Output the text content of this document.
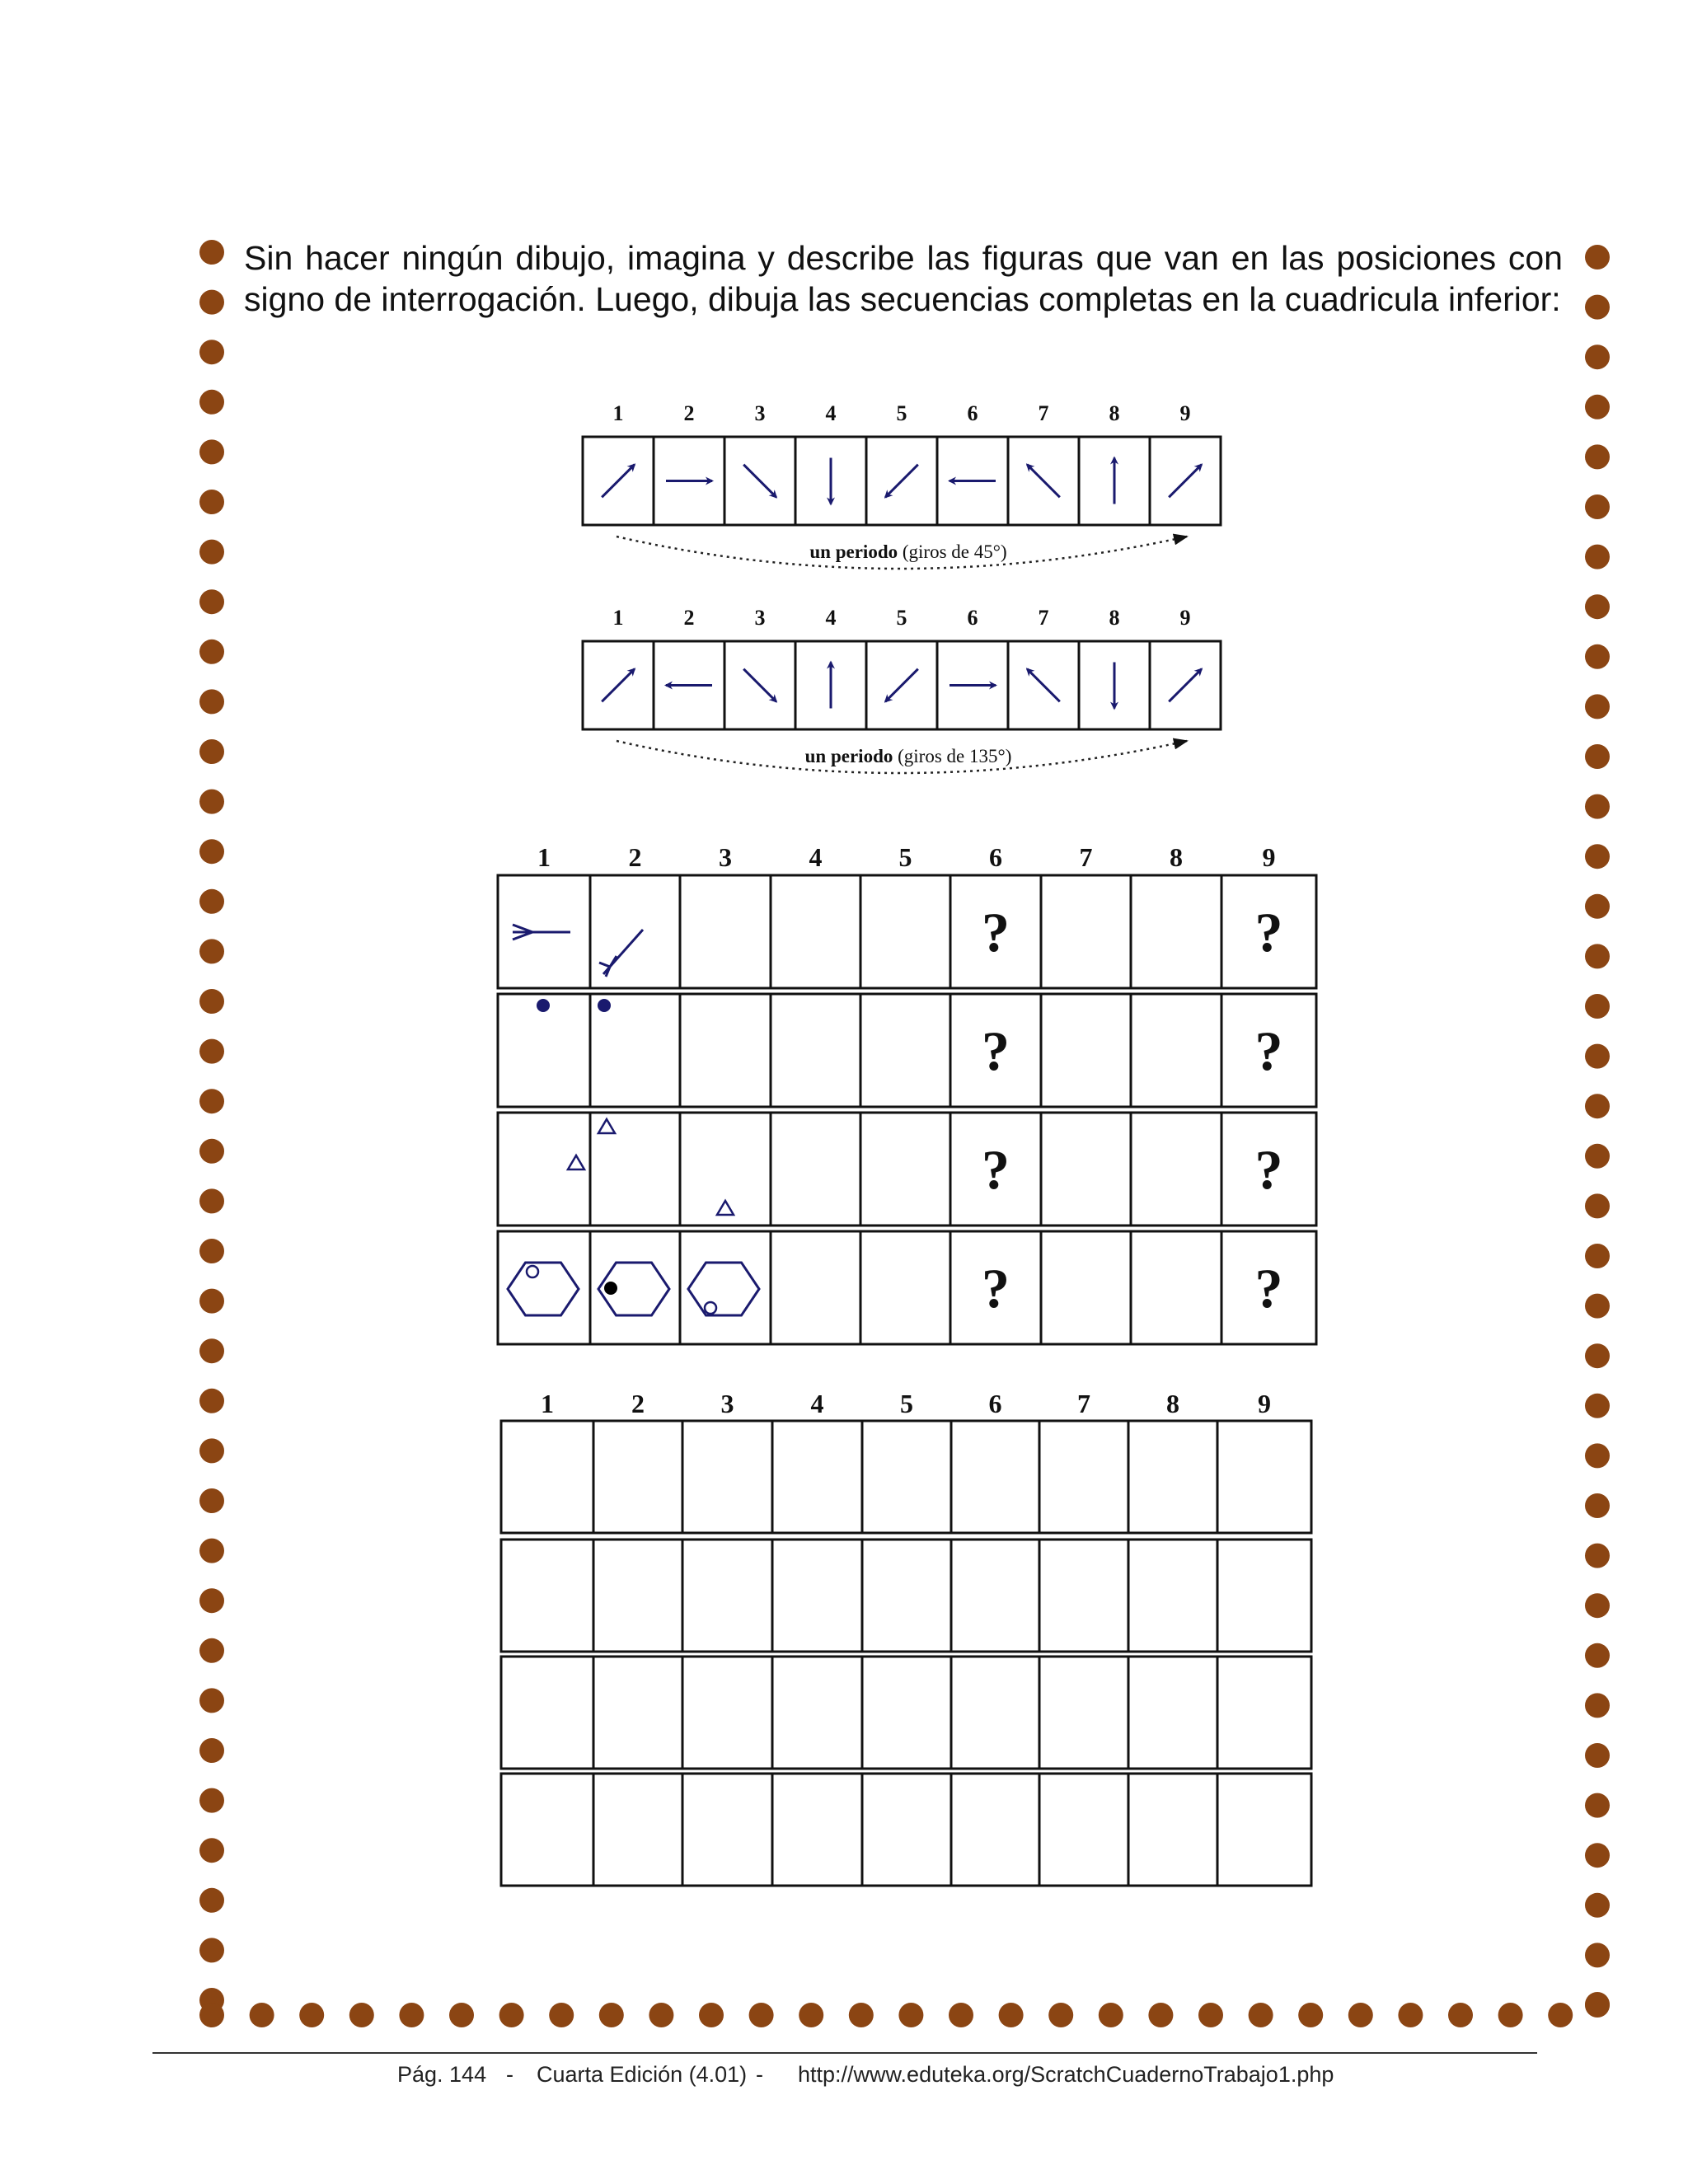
Sin hacer ningún dibujo, imagina y describe las figuras que van en las posiciones con signo de interrogación. Luego, dibuja las secuencias completas en la cuadricula inferior:

1	2	3	4	5	6	7	8	9
un periodo (giros de 45°)
1	2	3	4	5	6	7	8	9
un periodo (giros de 135°)
1	2	3	4	5	6	7	8	9
?	?
?	?
?	?
?	?
1	2	3	4	5	6	7	8	9
Pág. 144 - Cuarta Edición (4.01) - http://www.eduteka.org/ScratchCuadernoTrabajo1.php
